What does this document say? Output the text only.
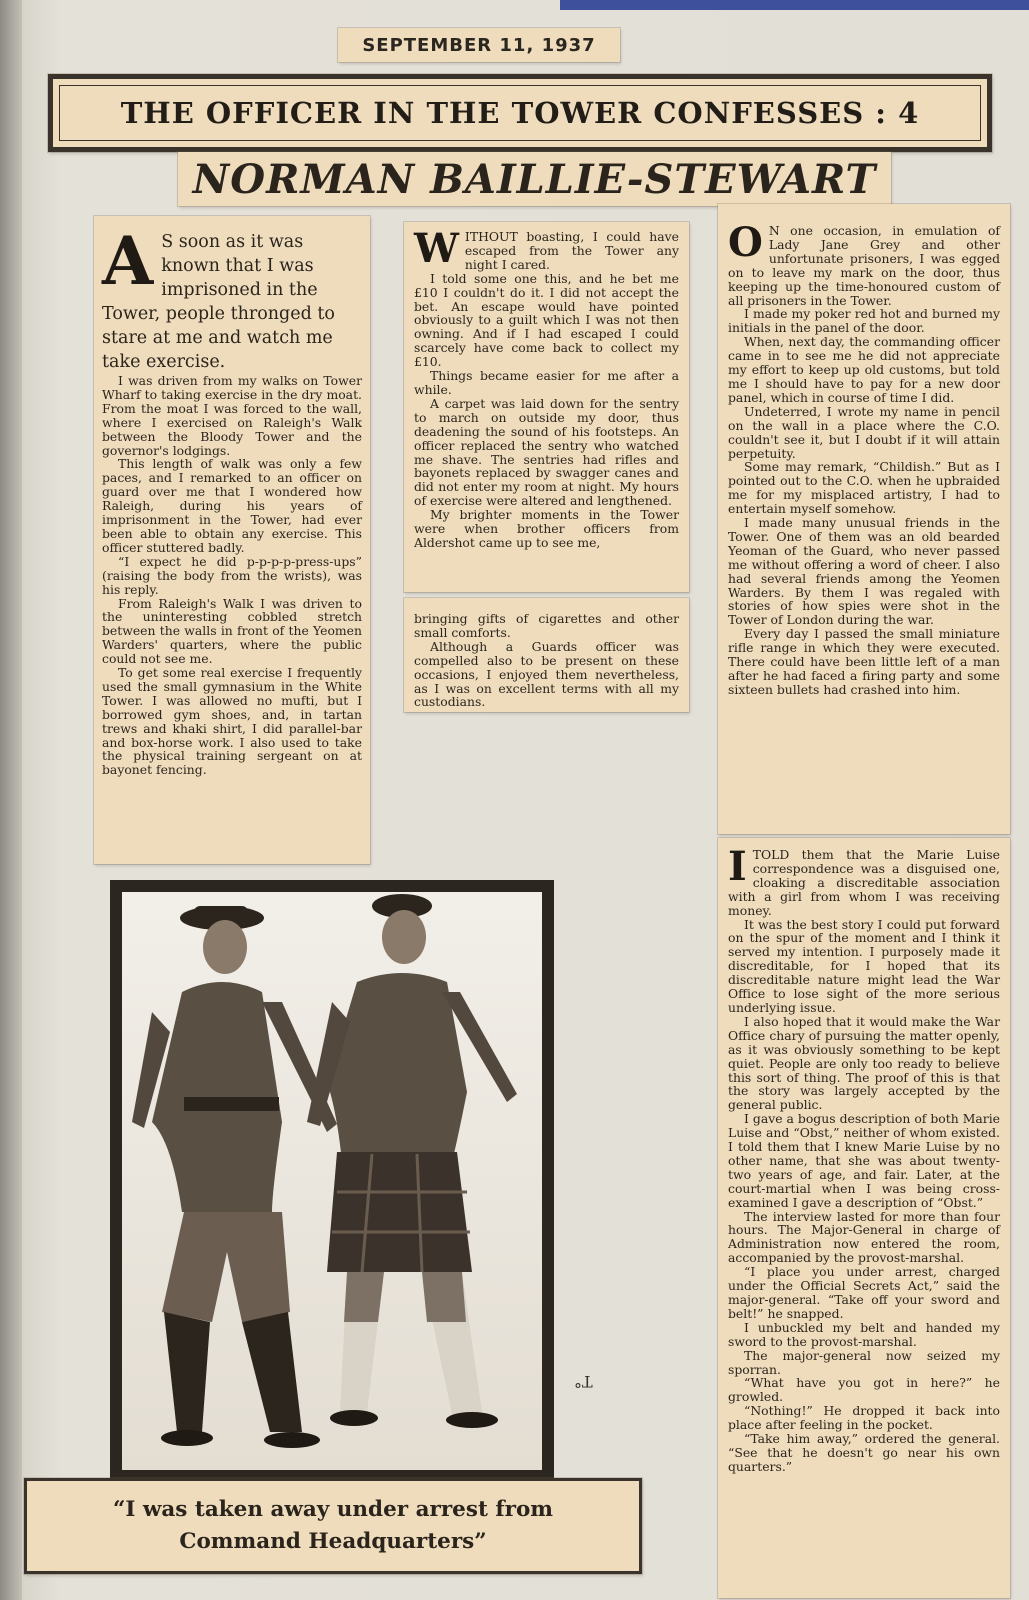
SEPTEMBER 11, 1937
THE OFFICER IN THE TOWER CONFESSES : 4
NORMAN BAILLIE-STEWART

A S soon as it was known that I was imprisoned in the Tower, people thronged to stare at me and watch me take exercise.

I was driven from my walks on Tower Wharf to taking exercise in the dry moat. From the moat I was forced to the wall, where I exercised on Raleigh's Walk between the Bloody Tower and the governor's lodgings.

This length of walk was only a few paces, and I remarked to an officer on guard over me that I wondered how Raleigh, during his years of imprisonment in the Tower, had ever been able to obtain any exercise. This officer stuttered badly.

“I expect he did p-p-p-p-press-ups” (raising the body from the wrists), was his reply.

From Raleigh's Walk I was driven to the uninteresting cobbled stretch between the walls in front of the Yeomen Warders' quarters, where the public could not see me.

To get some real exercise I frequently used the small gymnasium in the White Tower. I was allowed no mufti, but I borrowed gym shoes, and, in tartan trews and khaki shirt, I did parallel-bar and box-horse work. I also used to take the physical training sergeant on at bayonet fencing.

WITHOUT boasting, I could have escaped from the Tower any night I cared.

I told some one this, and he bet me £10 I couldn't do it. I did not accept the bet. An escape would have pointed obviously to a guilt which I was not then owning. And if I had escaped I could scarcely have come back to collect my £10.

Things became easier for me after a while.

A carpet was laid down for the sentry to march on outside my door, thus deadening the sound of his footsteps. An officer replaced the sentry who watched me shave. The sentries had rifles and bayonets replaced by swagger canes and did not enter my room at night. My hours of exercise were altered and lengthened.

My brighter moments in the Tower were when brother officers from Aldershot came up to see me,

bringing gifts of cigarettes and other small comforts.

Although a Guards officer was compelled also to be present on these occasions, I enjoyed them nevertheless, as I was on excellent terms with all my custodians.

O N one occasion, in emulation of Lady Jane Grey and other unfortunate prisoners, I was egged on to leave my mark on the door, thus keeping up the time-honoured custom of all prisoners in the Tower.

I made my poker red hot and burned my initials in the panel of the door.

When, next day, the commanding officer came in to see me he did not appreciate my effort to keep up old customs, but told me I should have to pay for a new door panel, which in course of time I did.

Undeterred, I wrote my name in pencil on the wall in a place where the C.O. couldn't see it, but I doubt if it will attain perpetuity.

Some may remark, “Childish.” But as I pointed out to the C.O. when he upbraided me for my misplaced artistry, I had to entertain myself somehow.

I made many unusual friends in the Tower. One of them was an old bearded Yeoman of the Guard, who never passed me without offering a word of cheer. I also had several friends among the Yeomen Warders. By them I was regaled with stories of how spies were shot in the Tower of London during the war.

Every day I passed the small miniature rifle range in which they were executed. There could have been little left of a man after he had faced a firing party and some sixteen bullets had crashed into him.

ITOLD them that the Marie Luise correspondence was a disguised one, cloaking a discreditable association with a girl from whom I was receiving money.

It was the best story I could put forward on the spur of the moment and I think it served my intention. I purposely made it discreditable, for I hoped that its discreditable nature might lead the War Office to lose sight of the more serious underlying issue.

I also hoped that it would make the War Office chary of pursuing the matter openly, as it was obviously something to be kept quiet. People are only too ready to believe this sort of thing. The proof of this is that the story was largely accepted by the general public.

I gave a bogus description of both Marie Luise and “Obst,” neither of whom existed. I told them that I knew Marie Luise by no other name, that she was about twenty-two years of age, and fair. Later, at the court-martial when I was being cross-examined I gave a description of “Obst.”

The interview lasted for more than four hours. The Major-General in charge of Administration now entered the room, accompanied by the provost-marshal.

“I place you under arrest, charged under the Official Secrets Act,” said the major-general. “Take off your sword and belt!” he snapped.

I unbuckled my belt and handed my sword to the provost-marshal.

The major-general now seized my sporran.

“What have you got in here?” he growled.

“Nothing!” He dropped it back into place after feeling in the pocket.

“Take him away,” ordered the general. “See that he doesn't go near his own quarters.”

T°
“I was taken away under arrest from Command Headquarters”
